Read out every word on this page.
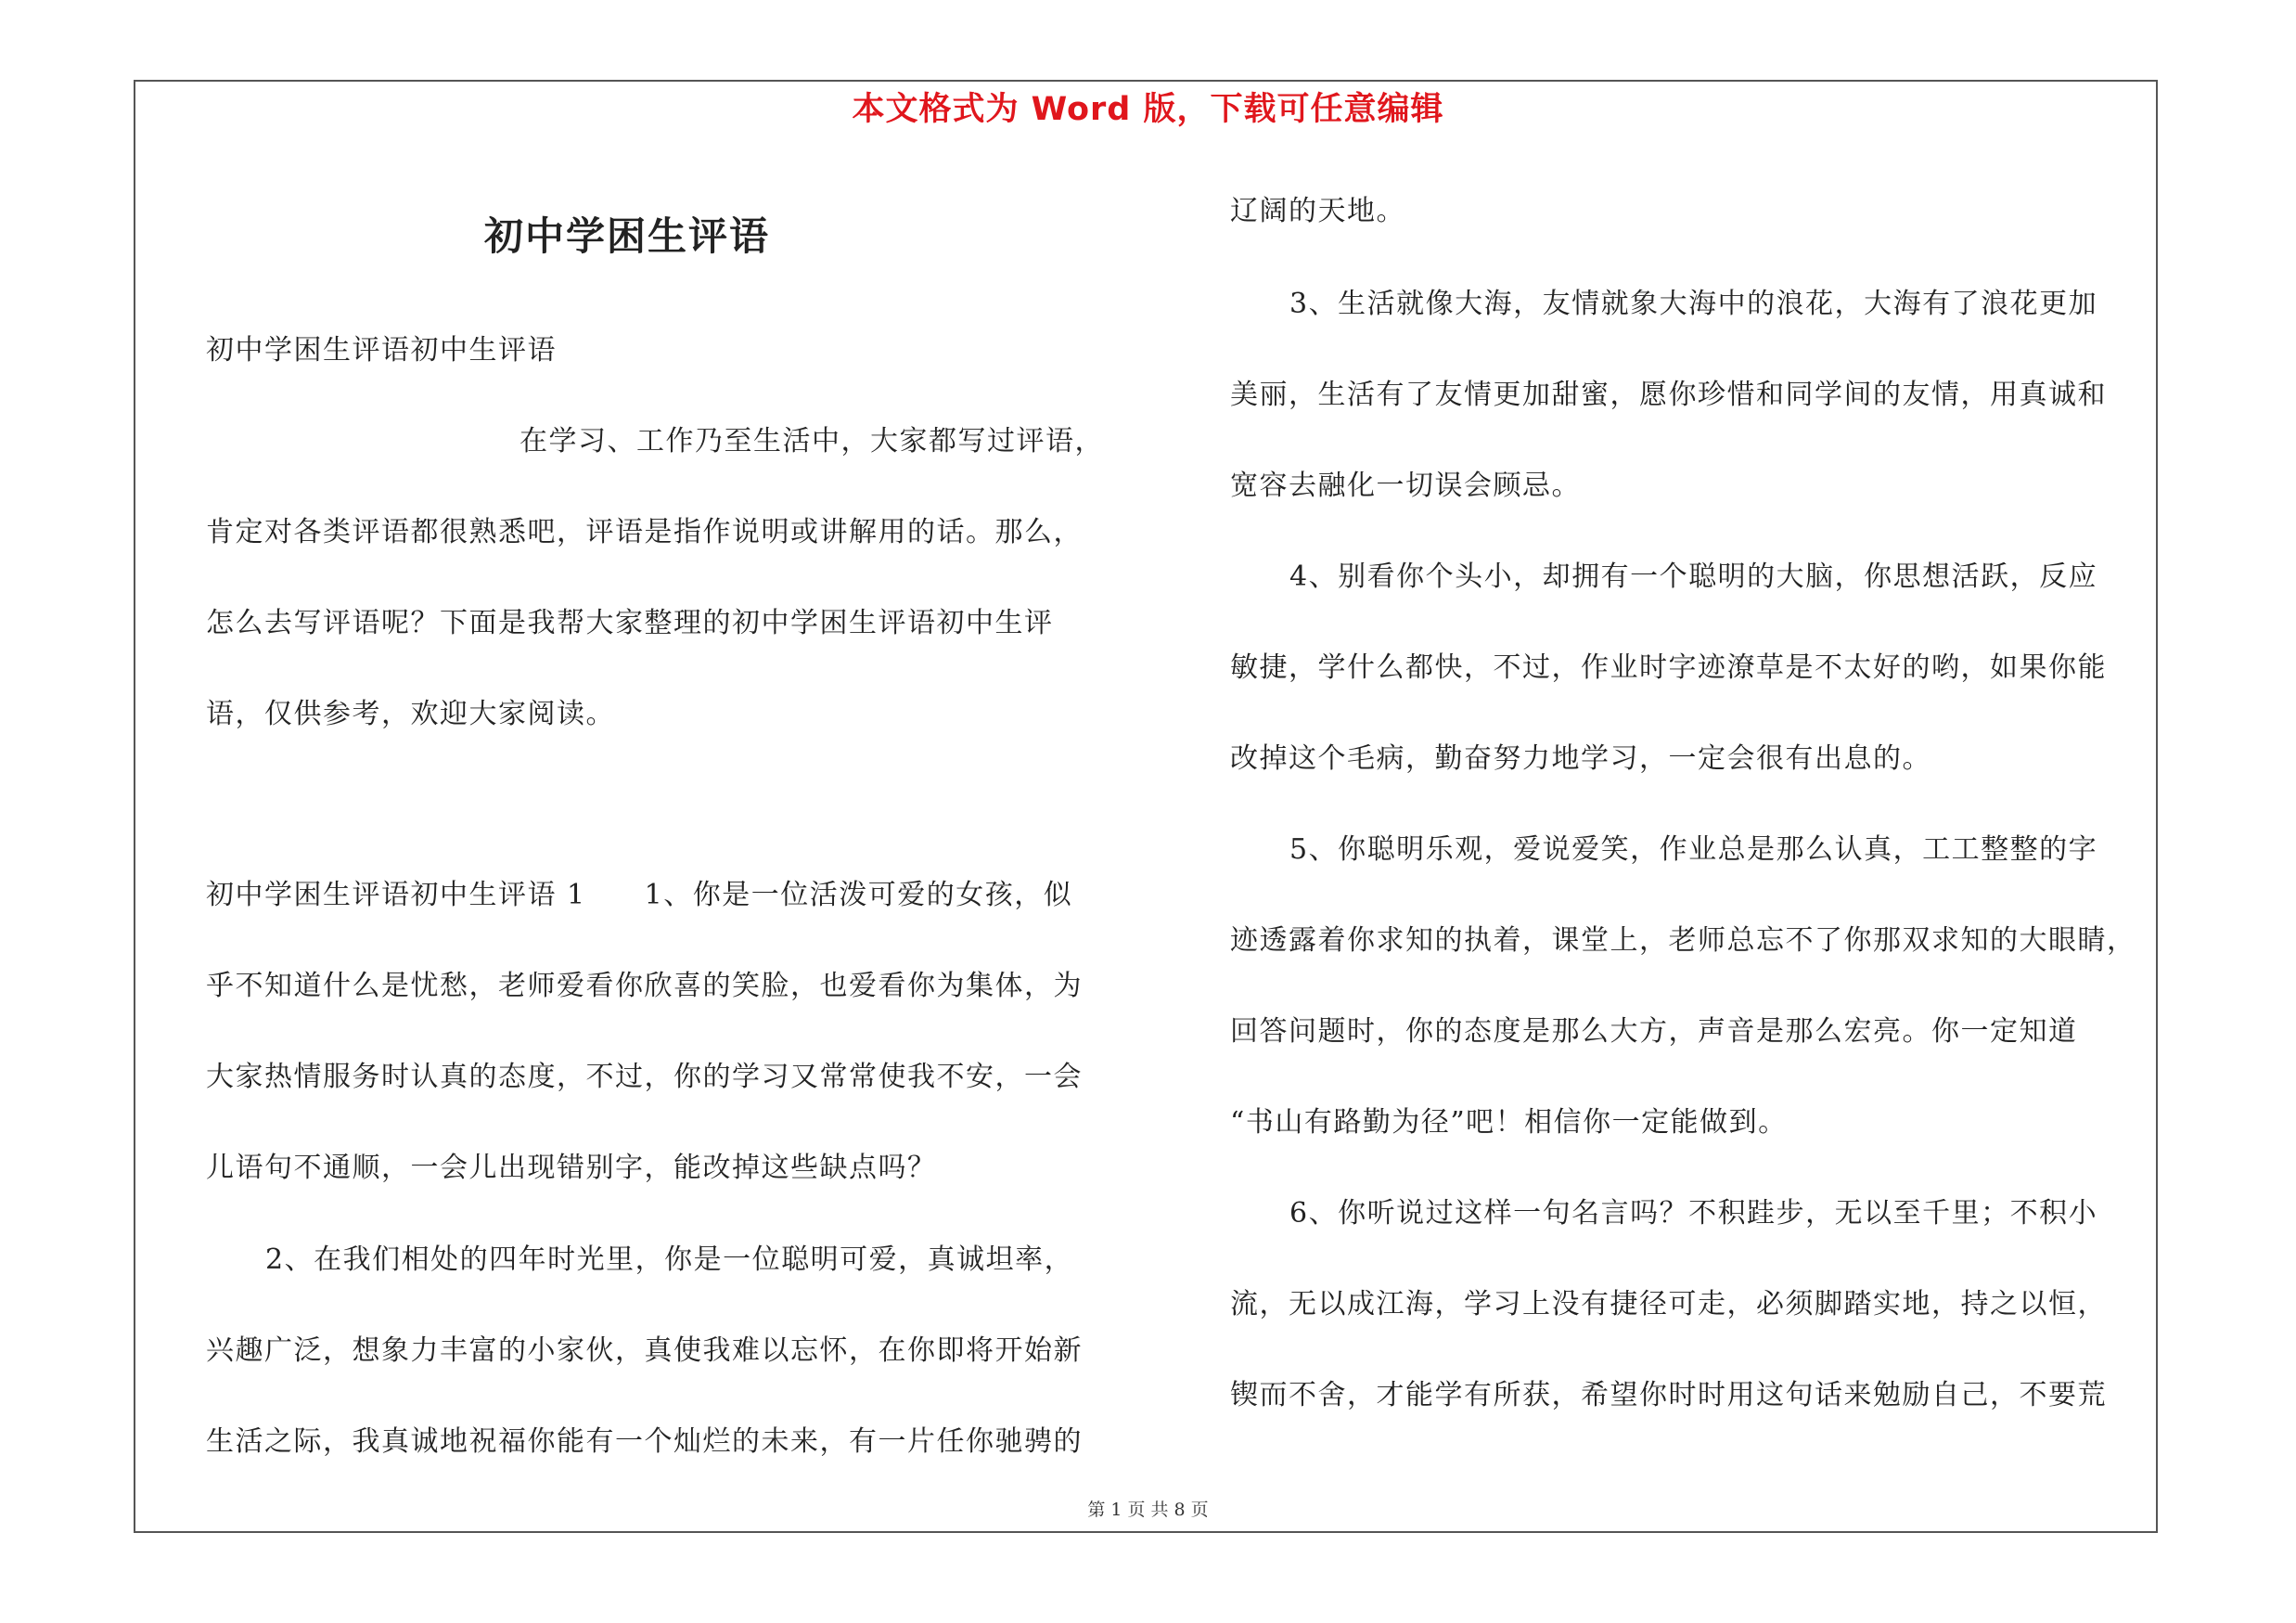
本文格式为 Word 版，下载可任意编辑
初中学困生评语
初中学困生评语初中生评语
在学习、工作乃至生活中，大家都写过评语，
肯定对各类评语都很熟悉吧，评语是指作说明或讲解用的话。那么，
怎么去写评语呢？下面是我帮大家整理的初中学困生评语初中生评
语，仅供参考，欢迎大家阅读。
初中学困生评语初中生评语 1　　1、你是一位活泼可爱的女孩，似
乎不知道什么是忧愁，老师爱看你欣喜的笑脸，也爱看你为集体，为
大家热情服务时认真的态度，不过，你的学习又常常使我不安，一会
儿语句不通顺，一会儿出现错别字，能改掉这些缺点吗？
2、在我们相处的四年时光里，你是一位聪明可爱，真诚坦率，
兴趣广泛，想象力丰富的小家伙，真使我难以忘怀，在你即将开始新
生活之际，我真诚地祝福你能有一个灿烂的未来，有一片任你驰骋的
辽阔的天地。
3、生活就像大海，友情就象大海中的浪花，大海有了浪花更加
美丽，生活有了友情更加甜蜜，愿你珍惜和同学间的友情，用真诚和
宽容去融化一切误会顾忌。
4、别看你个头小，却拥有一个聪明的大脑，你思想活跃，反应
敏捷，学什么都快，不过，作业时字迹潦草是不太好的哟，如果你能
改掉这个毛病，勤奋努力地学习，一定会很有出息的。
5、你聪明乐观，爱说爱笑，作业总是那么认真，工工整整的字
迹透露着你求知的执着，课堂上，老师总忘不了你那双求知的大眼睛，
回答问题时，你的态度是那么大方，声音是那么宏亮。你一定知道
“书山有路勤为径”吧！相信你一定能做到。
6、你听说过这样一句名言吗？不积跬步，无以至千里；不积小
流，无以成江海，学习上没有捷径可走，必须脚踏实地，持之以恒，
锲而不舍，才能学有所获，希望你时时用这句话来勉励自己，不要荒
第 1 页 共 8 页
